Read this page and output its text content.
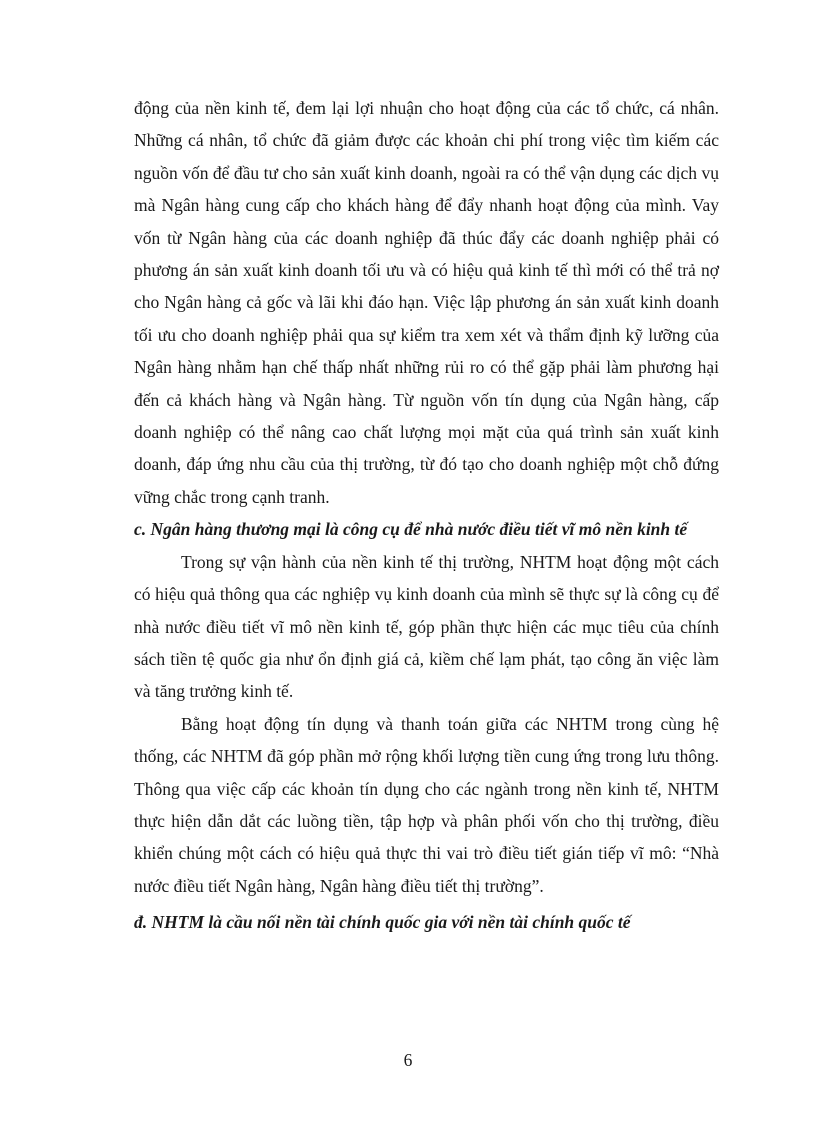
động của nền kinh tế, đem lại lợi nhuận cho hoạt động của các tổ chức, cá nhân. Những cá nhân, tổ chức đã giảm được các khoản chi phí trong việc tìm kiếm các nguồn vốn để đầu tư cho sản xuất kinh doanh, ngoài ra có thể vận dụng các dịch vụ mà Ngân hàng cung cấp cho khách hàng để đẩy nhanh hoạt động của mình. Vay vốn từ Ngân hàng của các doanh nghiệp đã thúc đẩy các doanh nghiệp phải có phương án sản xuất kinh doanh tối ưu và có hiệu quả kinh tế thì mới có thể trả nợ cho Ngân hàng cả gốc và lãi khi đáo hạn. Việc lập phương án sản xuất kinh doanh tối ưu cho doanh nghiệp phải qua sự kiểm tra xem xét và thẩm định kỹ lưỡng của Ngân hàng nhằm hạn chế thấp nhất những rủi ro có thể gặp phải làm phương hại đến cả khách hàng và Ngân hàng. Từ nguồn vốn tín dụng của Ngân hàng, cấp doanh nghiệp có thể nâng cao chất lượng mọi mặt của quá trình sản xuất kinh doanh, đáp ứng nhu cầu của thị trường, từ đó tạo cho doanh nghiệp một chỗ đứng vững chắc trong cạnh tranh.

c. Ngân hàng thương mại là công cụ để nhà nước điều tiết vĩ mô nền kinh tế

Trong sự vận hành của nền kinh tế thị trường, NHTM hoạt động một cách có hiệu quả thông qua các nghiệp vụ kinh doanh của mình sẽ thực sự là công cụ để nhà nước điều tiết vĩ mô nền kinh tế, góp phần thực hiện các mục tiêu của chính sách tiền tệ quốc gia như ổn định giá cả, kiềm chế lạm phát, tạo công ăn việc làm và tăng trưởng kinh tế.

Bằng hoạt động tín dụng và thanh toán giữa các NHTM trong cùng hệ thống, các NHTM đã góp phần mở rộng khối lượng tiền cung ứng trong lưu thông. Thông qua việc cấp các khoản tín dụng cho các ngành trong nền kinh tế, NHTM thực hiện dẫn dắt các luồng tiền, tập hợp và phân phối vốn cho thị trường, điều khiển chúng một cách có hiệu quả thực thi vai trò điều tiết gián tiếp vĩ mô: “Nhà nước điều tiết Ngân hàng, Ngân hàng điều tiết thị trường”.

đ. NHTM là cầu nối nền tài chính quốc gia với nền tài chính quốc tế

6
